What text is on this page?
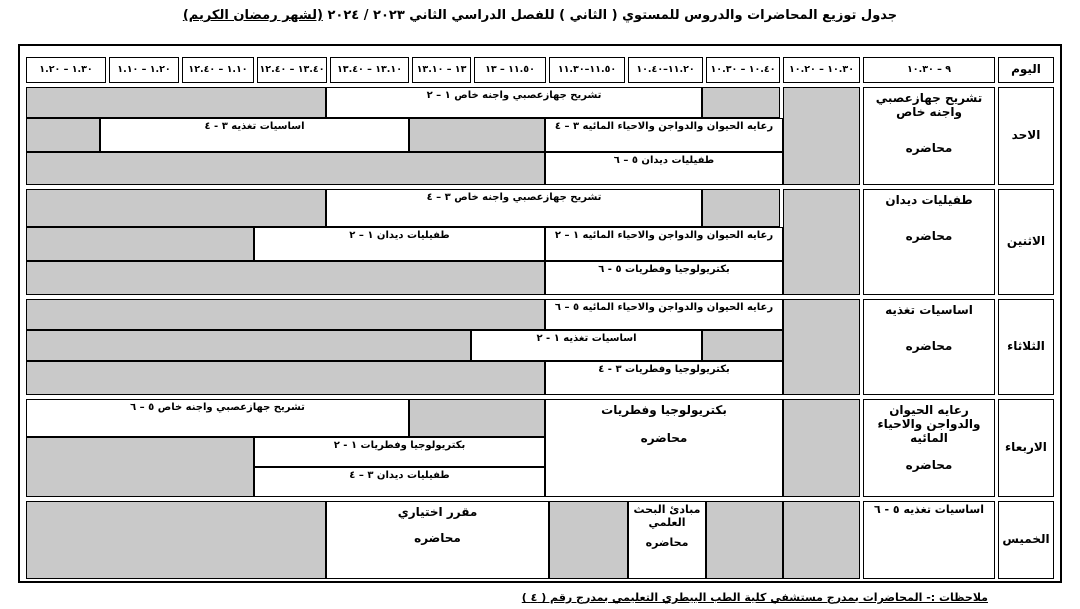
جدول توزيع المحاضرات والدروس للمستوي ( الثاني ) للفصل الدراسي الثاني ٢٠٢٣ / ٢٠٢٤ (لشهر رمضان الكريم)
اليوم
٩ – ١٠.٣٠
١٠.٣٠ – ١٠.٢٠
١٠.٤٠ – ١٠.٣٠
١١.٢٠–١٠.٤٠
١١.٥٠–١١.٣٠
١١.٥٠ – ١٣
١٣ – ١٣.١٠
١٣.١٠ – ١٣.٤٠
١٣.٤٠ – ١٢.٤٠
١.١٠ – ١٢.٤٠
١.٢٠ – ١.١٠
١.٣٠ – ١.٢٠
الاحد
تشريح جهازعصبي واجنه خاص
محاضره
تشريح جهازعصبي واجنه خاص ١ – ٢
رعايه الحيوان والدواجن والاحياء المائيه ٣ – ٤
اساسيات تغذيه ٣ - ٤
طفيليات ديدان ٥ – ٦
الاثنين
طفيليات ديدان
محاضره
تشريح جهازعصبي واجنه خاص ٣ – ٤
رعايه الحيوان والدواجن والاحياء المائيه ١ – ٢
طفيليات ديدان ١ – ٢
بكتريولوجيا وفطريات ٥ - ٦
الثلاثاء
اساسيات تغذيه
محاضره
رعايه الحيوان والدواجن والاحياء المائيه ٥ – ٦
اساسيات تغذيه ١ - ٢
بكتريولوجيا وفطريات ٣ - ٤
الاربعاء
رعايه الحيوان والدواجن والاحياء المائيه
محاضره
بكتريولوجيا وفطريات
محاضره
تشريح جهازعصبي واجنه خاص ٥ – ٦
بكتريولوجيا وفطريات ١ - ٢
طفيليات ديدان ٣ – ٤
الخميس
اساسيات تغذيه ٥ - ٦
مبادئ البحث العلمي
محاضره
مقرر اختياري
محاضره
ملاحظات :- المحاضرات بمدرج مستشفي كلية الطب البيطري التعليمي بمدرج رقم ( ٤ )
